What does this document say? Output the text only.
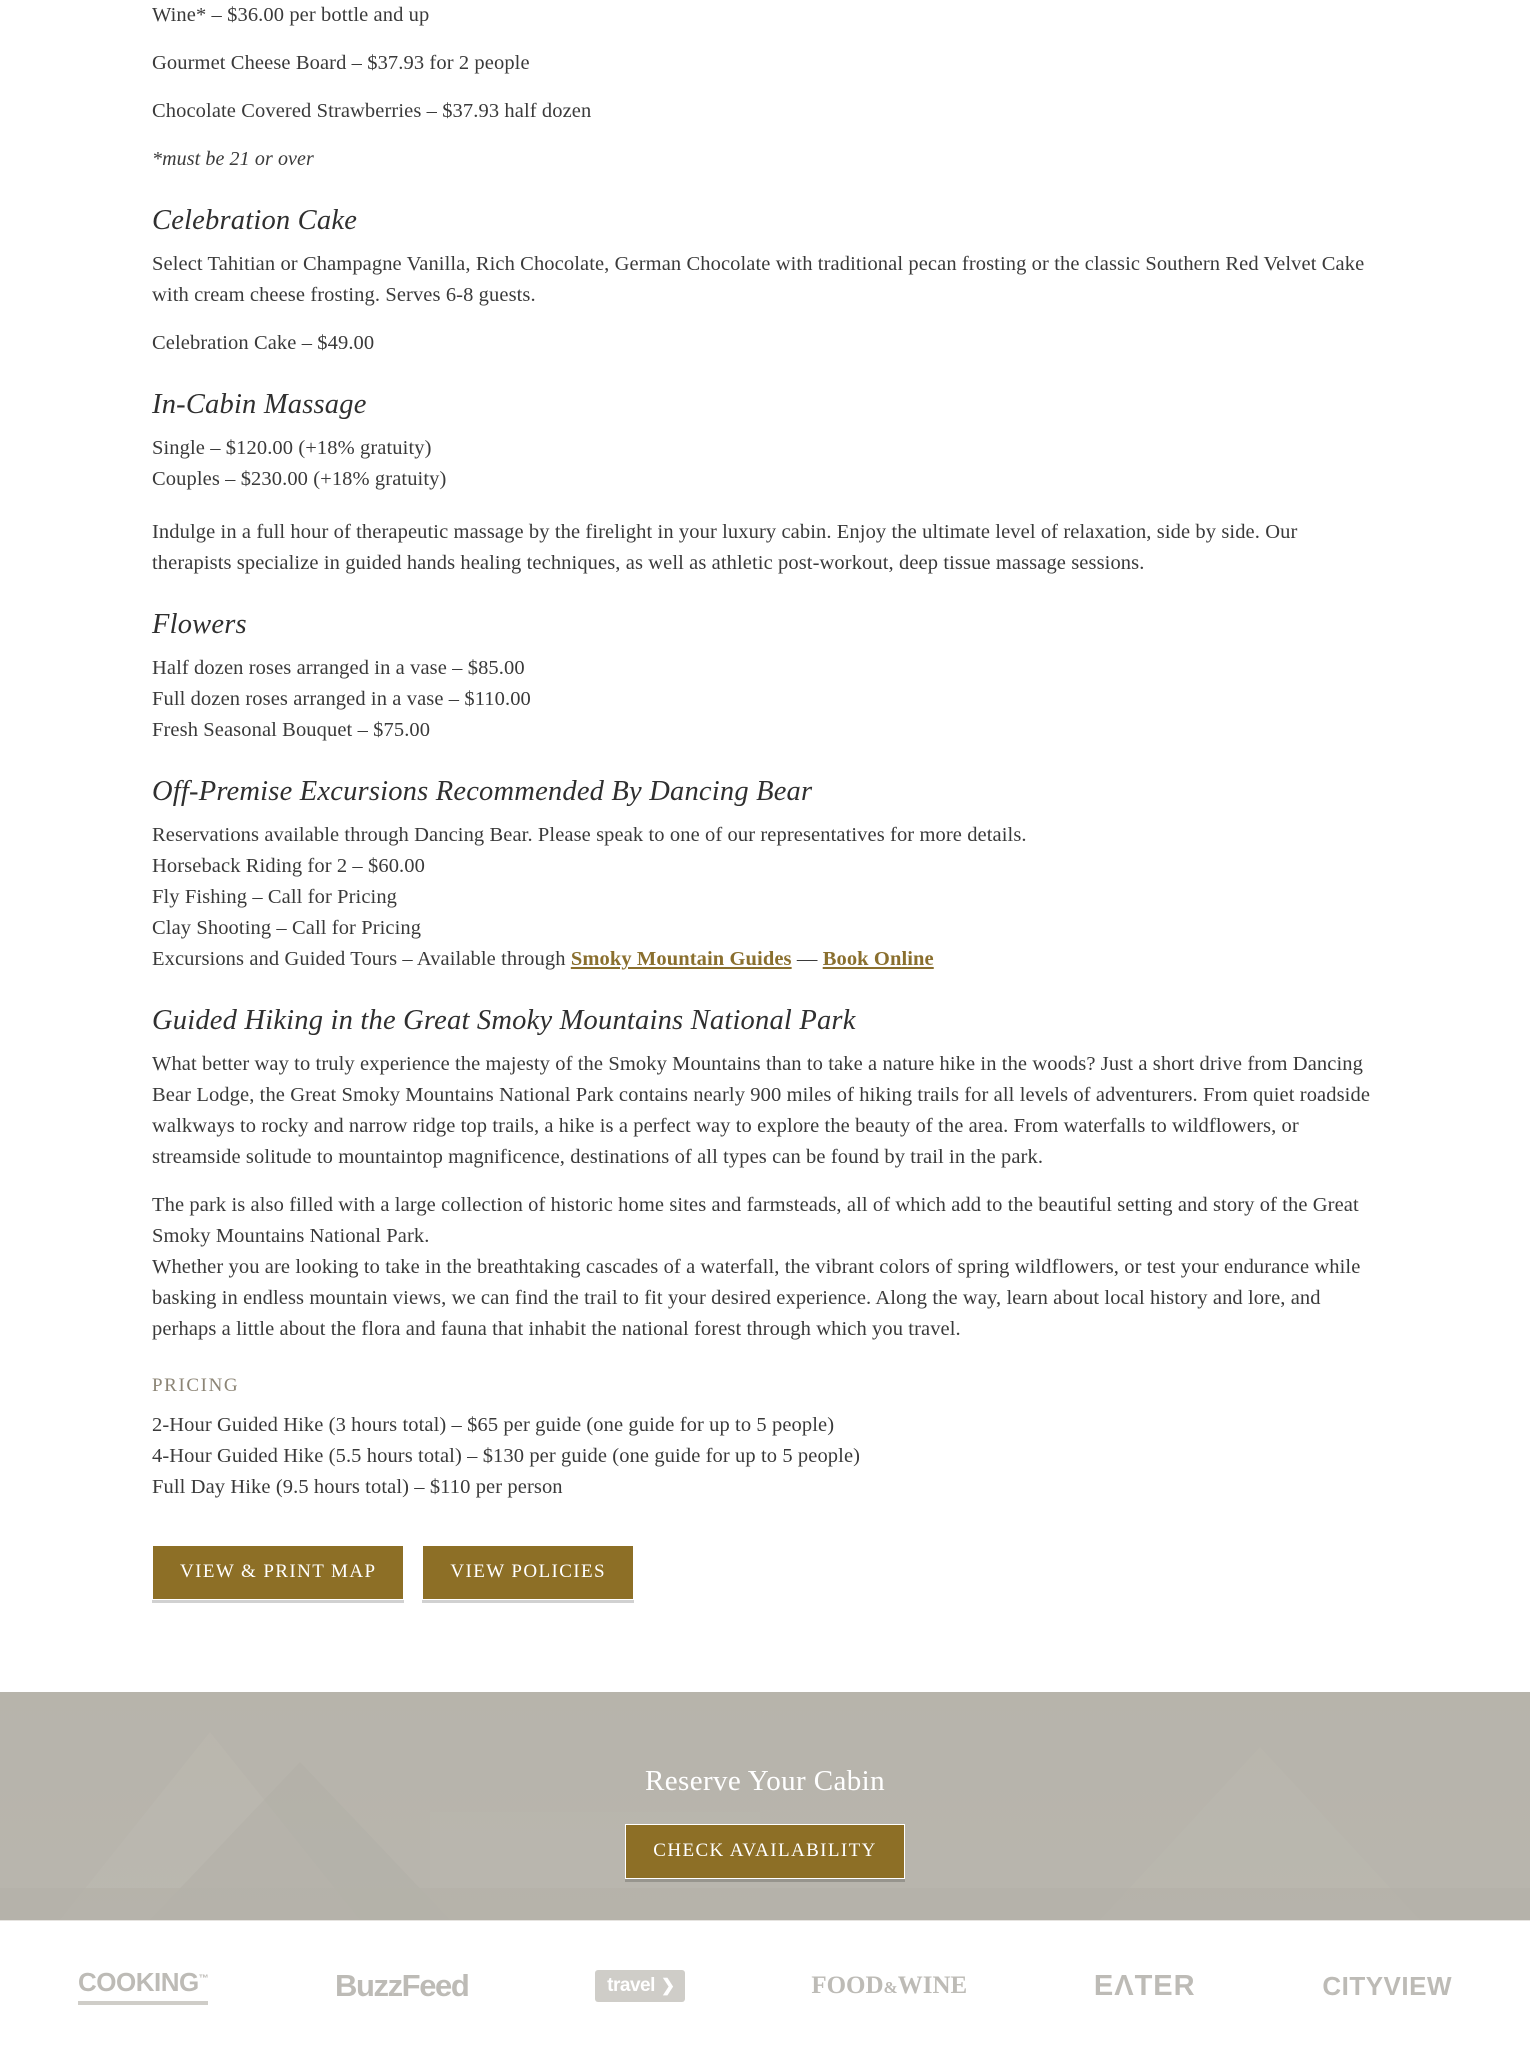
Wine* – $36.00 per bottle and up

Gourmet Cheese Board – $37.93 for 2 people

Chocolate Covered Strawberries – $37.93 half dozen

*must be 21 or over

Celebration Cake

Select Tahitian or Champagne Vanilla, Rich Chocolate, German Chocolate with traditional pecan frosting or the classic Southern Red Velvet Cake with cream cheese frosting. Serves 6-8 guests.

Celebration Cake – $49.00

In-Cabin Massage

Single – $120.00 (+18% gratuity)

Couples – $230.00 (+18% gratuity)

Indulge in a full hour of therapeutic massage by the firelight in your luxury cabin. Enjoy the ultimate level of relaxation, side by side. Our therapists specialize in guided hands healing techniques, as well as athletic post-workout, deep tissue massage sessions.

Flowers

Half dozen roses arranged in a vase – $85.00

Full dozen roses arranged in a vase – $110.00

Fresh Seasonal Bouquet – $75.00

Off-Premise Excursions Recommended By Dancing Bear

Reservations available through Dancing Bear. Please speak to one of our representatives for more details.

Horseback Riding for 2 – $60.00

Fly Fishing – Call for Pricing

Clay Shooting – Call for Pricing

Excursions and Guided Tours – Available through Smoky Mountain Guides — Book Online

Guided Hiking in the Great Smoky Mountains National Park

What better way to truly experience the majesty of the Smoky Mountains than to take a nature hike in the woods? Just a short drive from Dancing Bear Lodge, the Great Smoky Mountains National Park contains nearly 900 miles of hiking trails for all levels of adventurers. From quiet roadside walkways to rocky and narrow ridge top trails, a hike is a perfect way to explore the beauty of the area. From waterfalls to wildflowers, or streamside solitude to mountaintop magnificence, destinations of all types can be found by trail in the park.

The park is also filled with a large collection of historic home sites and farmsteads, all of which add to the beautiful setting and story of the Great Smoky Mountains National Park.

Whether you are looking to take in the breathtaking cascades of a waterfall, the vibrant colors of spring wildflowers, or test your endurance while basking in endless mountain views, we can find the trail to fit your desired experience. Along the way, learn about local history and lore, and perhaps a little about the flora and fauna that inhabit the national forest through which you travel.

PRICING

2-Hour Guided Hike (3 hours total) – $65 per guide (one guide for up to 5 people)

4-Hour Guided Hike (5.5 hours total) – $130 per guide (one guide for up to 5 people)

Full Day Hike (9.5 hours total) – $110 per person

VIEW & PRINT MAP	VIEW POLICIES
Reserve Your Cabin
CHECK AVAILABILITY
COOKING™	BuzzFeed	travel ❯	FOOD&WINE	EΛTER	CITYVIEW
